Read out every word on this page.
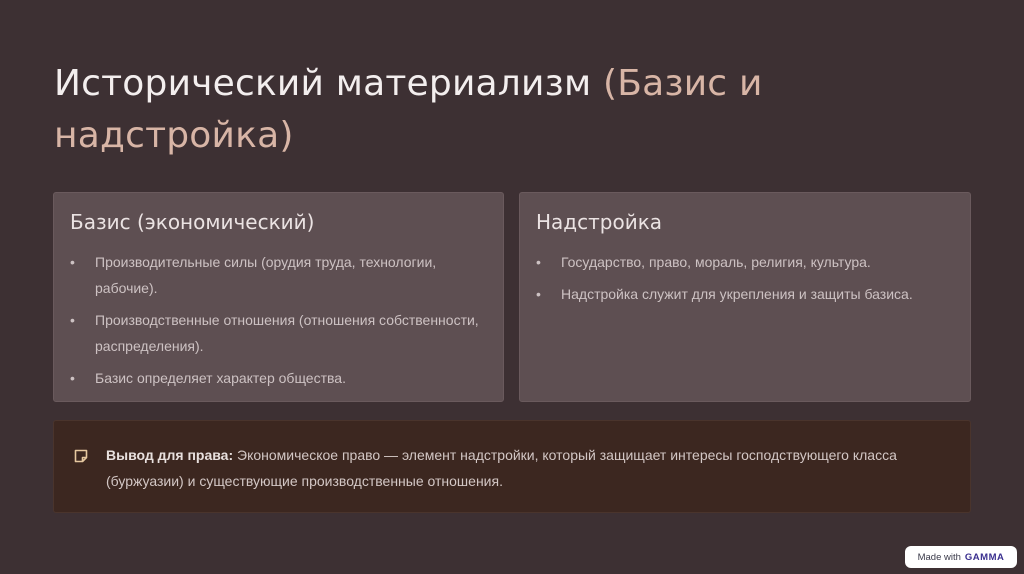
Исторический материализм (Базис и надстройка)
Базис (экономический)
• Производительные силы (орудия труда, технологии, рабочие).
• Производственные отношения (отношения собственности, распределения).
• Базис определяет характер общества.
Надстройка
• Государство, право, мораль, религия, культура.
• Надстройка служит для укрепления и защиты базиса.

Вывод для права: Экономическое право — элемент надстройки, который защищает интересы господствующего класса (буржуазии) и существующие производственные отношения.

Made with GAMMA
